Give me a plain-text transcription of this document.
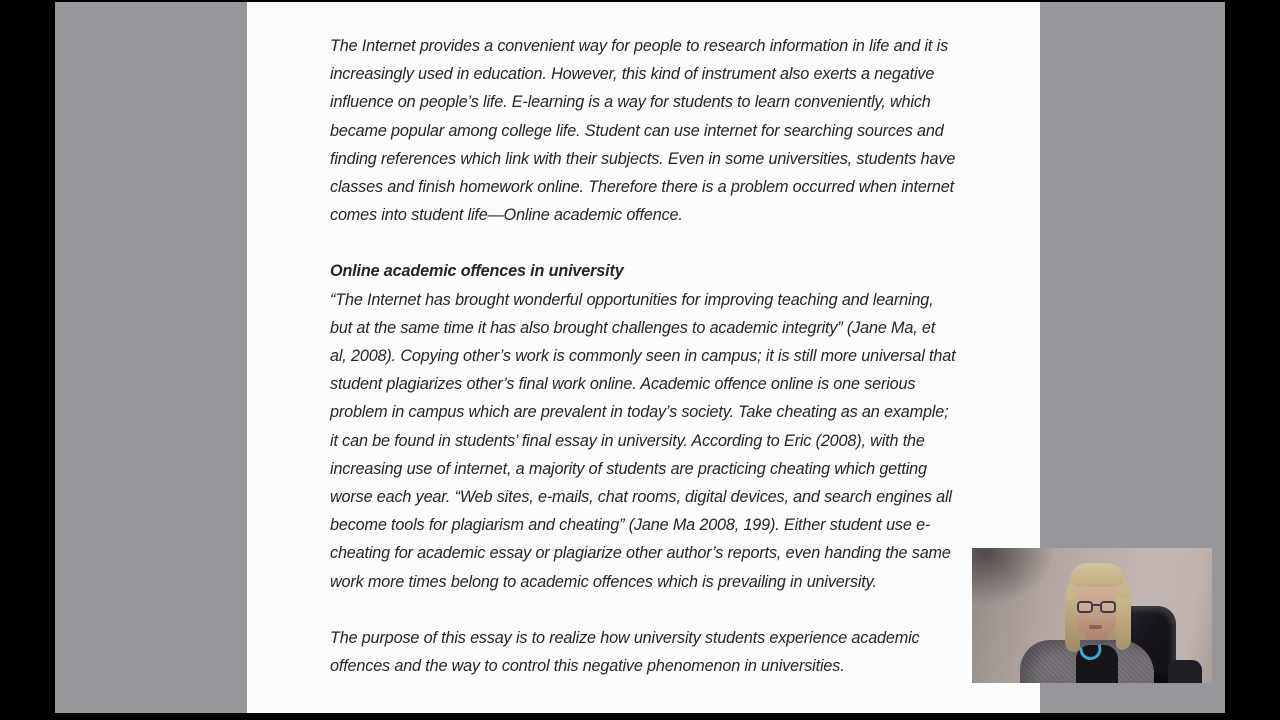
The Internet provides a convenient way for people to research information in life and it is
increasingly used in education. However, this kind of instrument also exerts a negative
influence on people’s life. E-learning is a way for students to learn conveniently, which
became popular among college life. Student can use internet for searching sources and
finding references which link with their subjects. Even in some universities, students have
classes and finish homework online. Therefore there is a problem occurred when internet
comes into student life—Online academic offence.
Online academic offences in university
“The Internet has brought wonderful opportunities for improving teaching and learning,
but at the same time it has also brought challenges to academic integrity” (Jane Ma, et
al, 2008). Copying other’s work is commonly seen in campus; it is still more universal that
student plagiarizes other’s final work online. Academic offence online is one serious
problem in campus which are prevalent in today’s society. Take cheating as an example;
it can be found in students’ final essay in university. According to Eric (2008), with the
increasing use of internet, a majority of students are practicing cheating which getting
worse each year. “Web sites, e-mails, chat rooms, digital devices, and search engines all
become tools for plagiarism and cheating” (Jane Ma 2008, 199). Either student use e-
cheating for academic essay or plagiarize other author’s reports, even handing the same
work more times belong to academic offences which is prevailing in university.
The purpose of this essay is to realize how university students experience academic
offences and the way to control this negative phenomenon in universities.
